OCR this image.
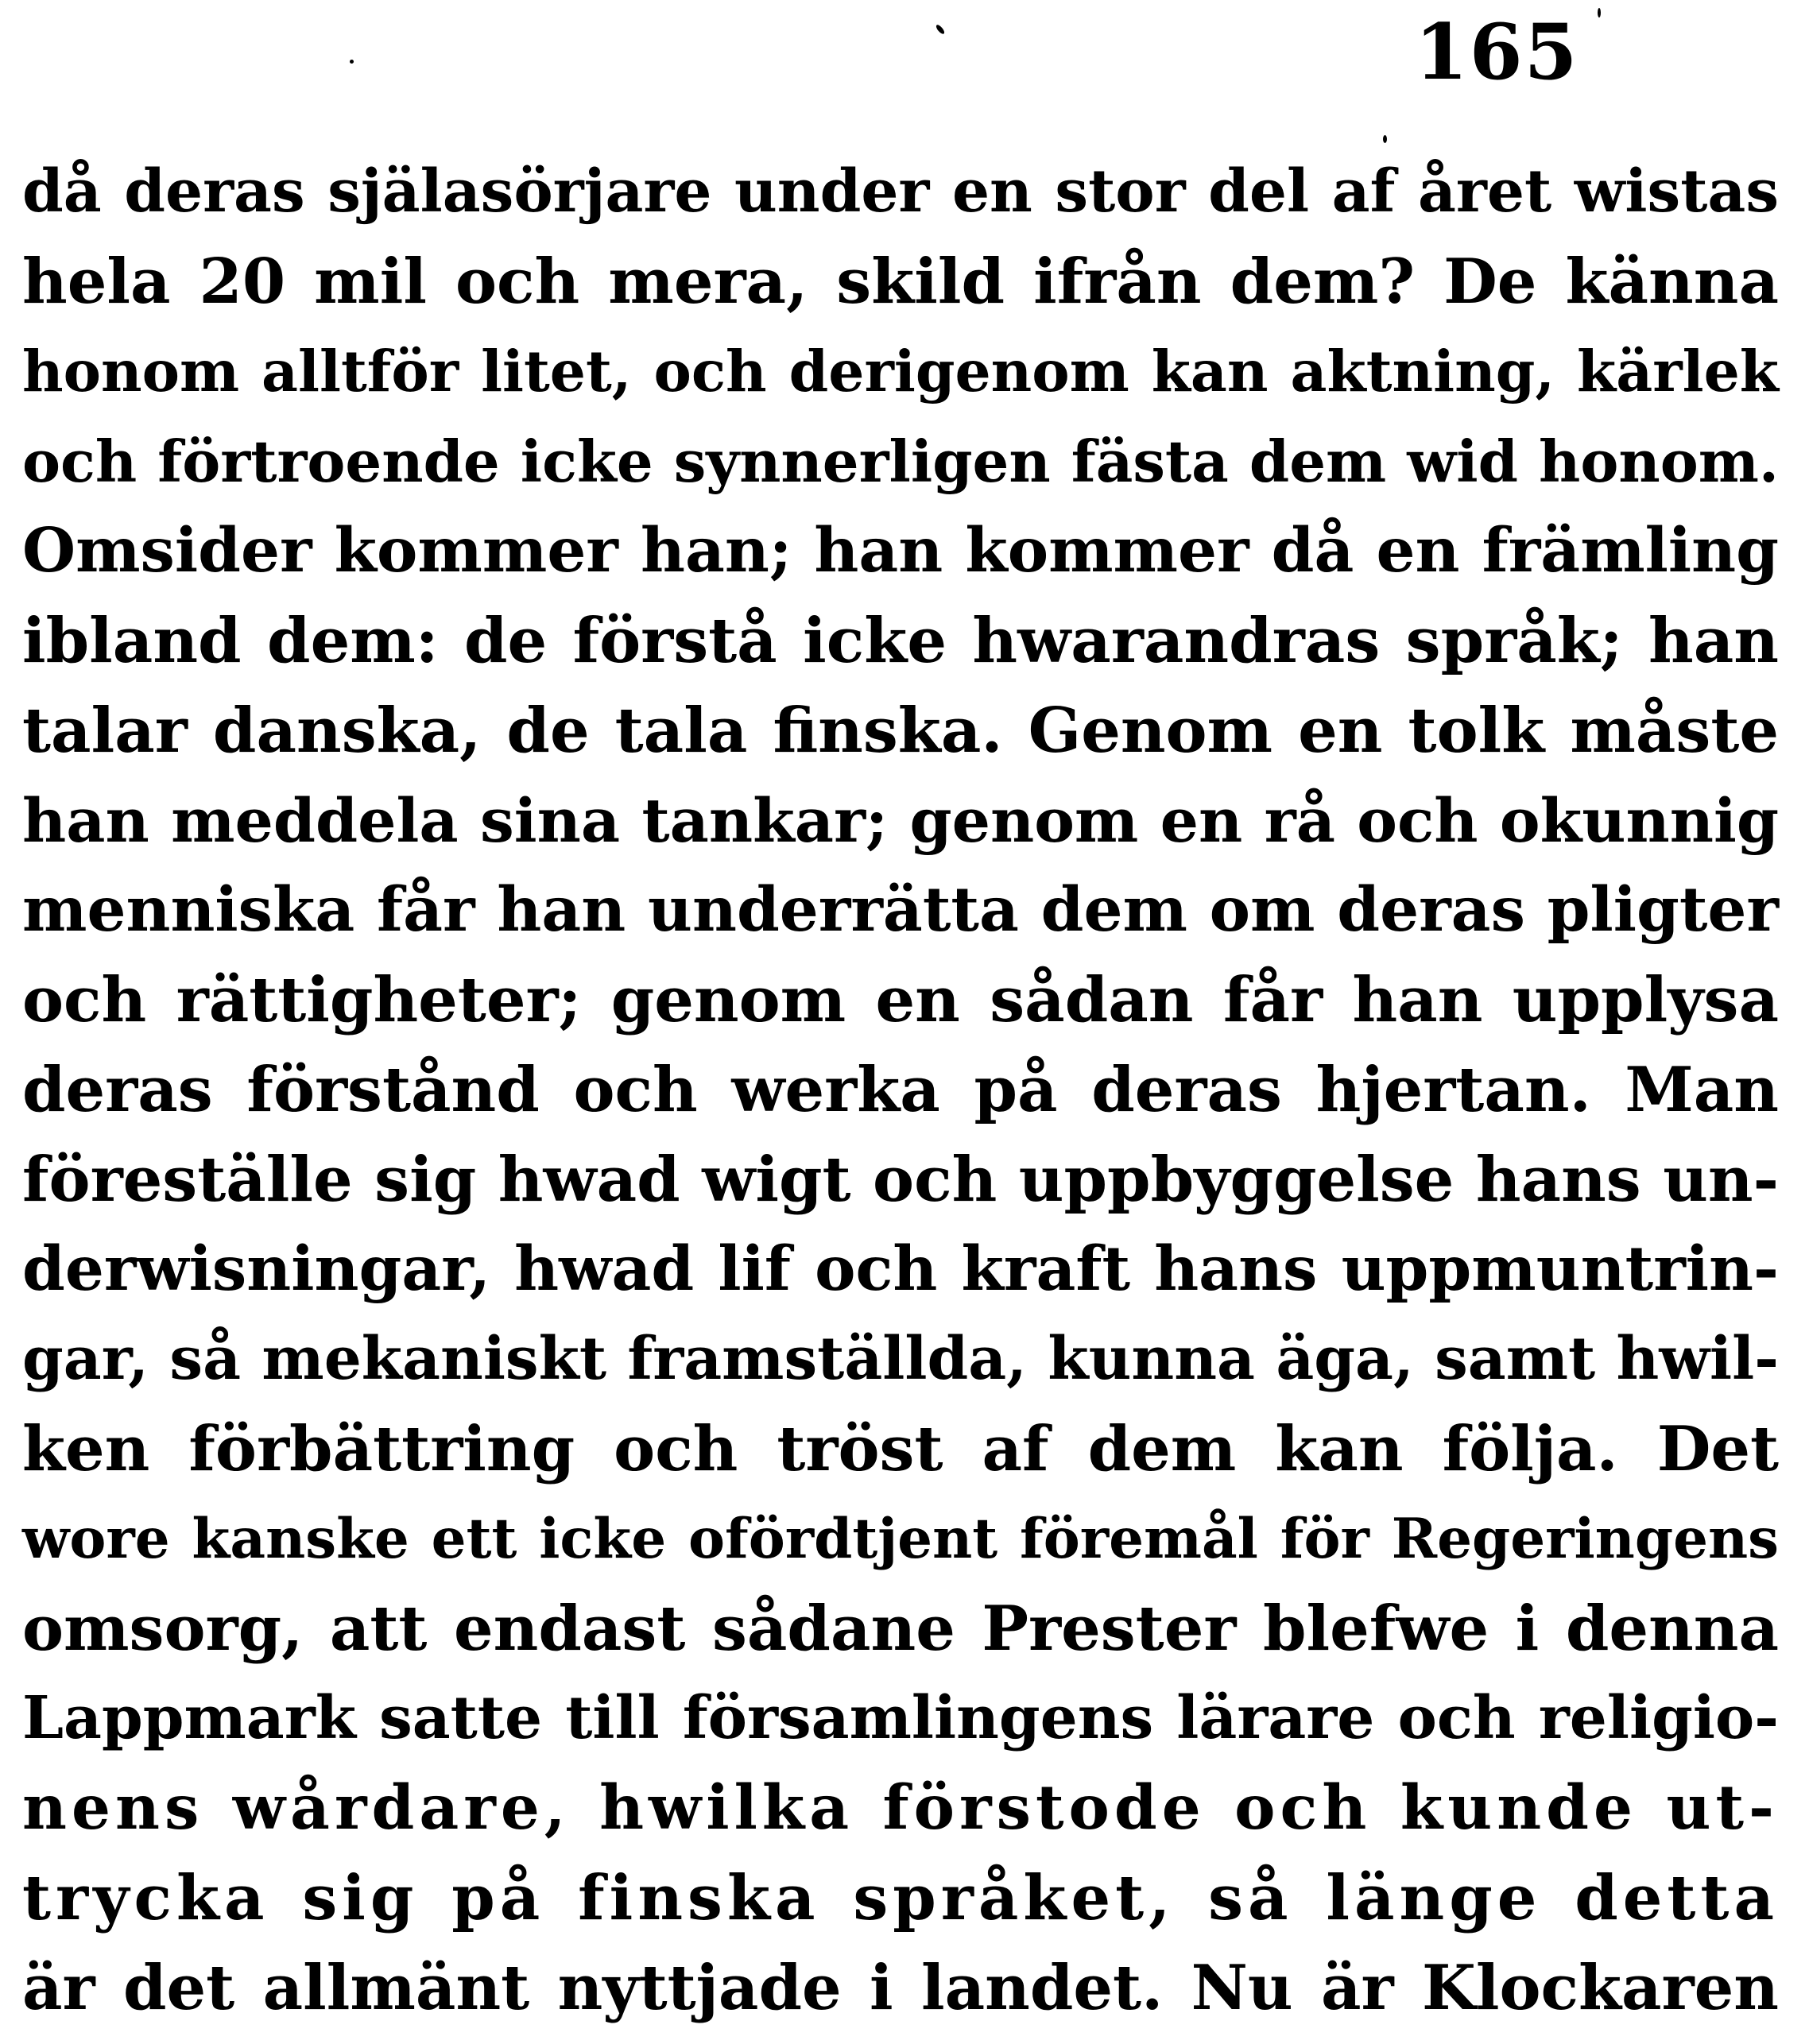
165
då deras själasörjare under en stor del af året wistas
hela 20 mil och mera, skild ifrån dem? De känna
honom alltför litet, och derigenom kan aktning, kärlek
och förtroende icke synnerligen fästa dem wid honom.
Omsider kommer han; han kommer då en främling
ibland dem: de förstå icke hwarandras språk; han
talar danska, de tala finska. Genom en tolk måste
han meddela sina tankar; genom en rå och okunnig
menniska får han underrätta dem om deras pligter
och rättigheter; genom en sådan får han upplysa
deras förstånd och werka på deras hjertan. Man
föreställe sig hwad wigt och uppbyggelse hans un-
derwisningar, hwad lif och kraft hans uppmuntrin-
gar, så mekaniskt framställda, kunna äga, samt hwil-
ken förbättring och tröst af dem kan följa. Det
wore kanske ett icke ofördtjent föremål för Regeringens
omsorg, att endast sådane Prester blefwe i denna
Lappmark satte till församlingens lärare och religio-
nens wårdare, hwilka förstode och kunde ut-
trycka sig på finska språket, så länge detta
är det allmänt nyttjade i landet. Nu är Klockaren
